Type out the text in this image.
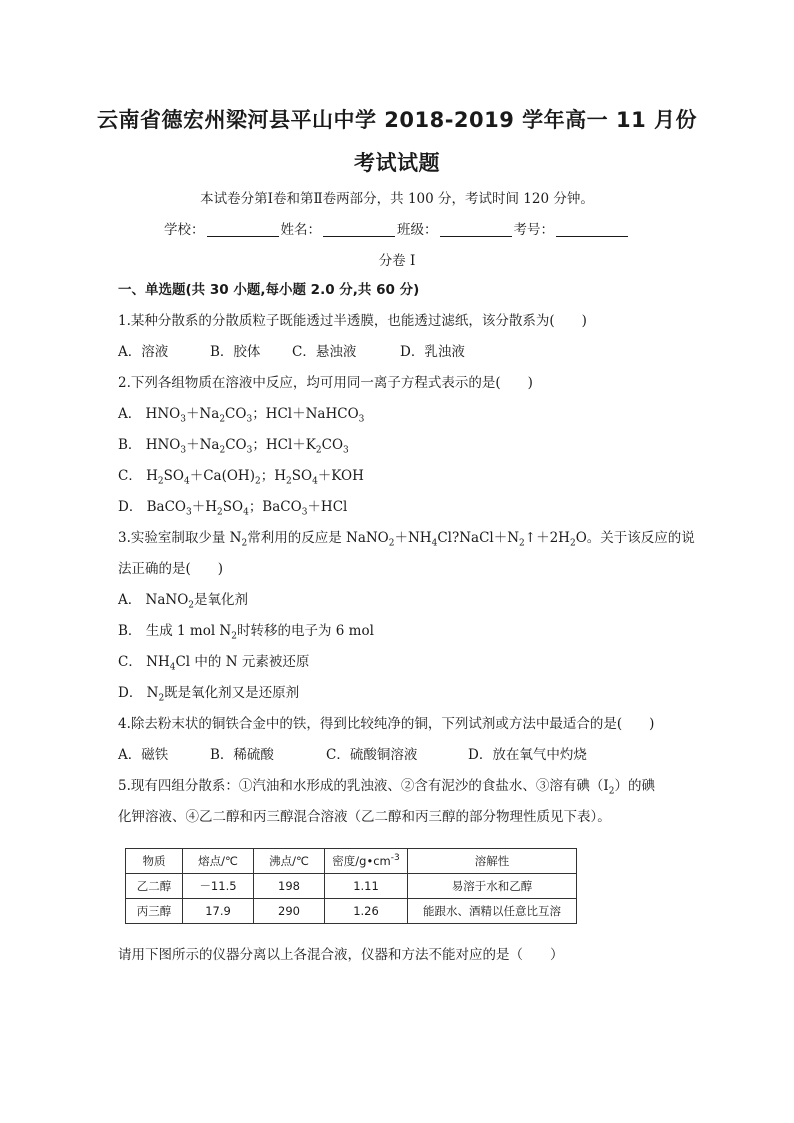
云南省德宏州梁河县平山中学 2018-2019 学年高一 11 月份
考试试题
本试卷分第Ⅰ卷和第Ⅱ卷两部分，共 100 分，考试时间 120 分钟。
学校：	姓名：	班级：	考号：
分卷 I
一、单选题(共 30 小题,每小题 2.0 分,共 60 分)
1.某种分散系的分散质粒子既能透过半透膜，也能透过滤纸，该分散系为(　　)
A．溶液	B．胶体 C．悬浊液	D．乳浊液
2.下列各组物质在溶液中反应，均可用同一离子方程式表示的是(　　)
A． $HNO_3+Na_2CO_3$；HCl＋NaHCO$_3$
B． $HNO_3+Na_2CO_3$；$HCl+K_2CO_3$
C． $H_2SO_4+Ca(OH)_2$；$H_2SO_4+KOH$
D． $BaCO_3+H_2SO_4$；BaCO$_3$＋HCl
3.实验室制取少量 $N_2$常利用的反应是 $NaNO_2+NH_4Cl?NaCl+N_2↑+2H_2O$。关于该反应的说
法正确的是(　　)
A． NaNO$_2$是氧化剂
B． 生成 1 mol $N_2$时转移的电子为 6 mol
C． $NH_4Cl$ 中的 N 元素被还原
D． $N_2$既是氧化剂又是还原剂
4.除去粉末状的铜铁合金中的铁，得到比较纯净的铜，下列试剂或方法中最适合的是(　　)
A．磁铁	B．稀硫酸	C．硫酸铜溶液	D．放在氧气中灼烧
5.现有四组分散系：①汽油和水形成的乳浊液、②含有泥沙的食盐水、③溶有碘$(I_2)$的碘
化钾溶液、④乙二醇和丙三醇混合溶液（乙二醇和丙三醇的部分物理性质见下表）。
物质	熔点/℃	沸点/℃	密度$/g•cm^{-3}$	溶解性
乙二醇	－11.5	198	1.11	易溶于水和乙醇
丙三醇	17.9	290	1.26	能跟水、酒精以任意比互溶
请用下图所示的仪器分离以上各混合液，仪器和方法不能对应的是（　　）
